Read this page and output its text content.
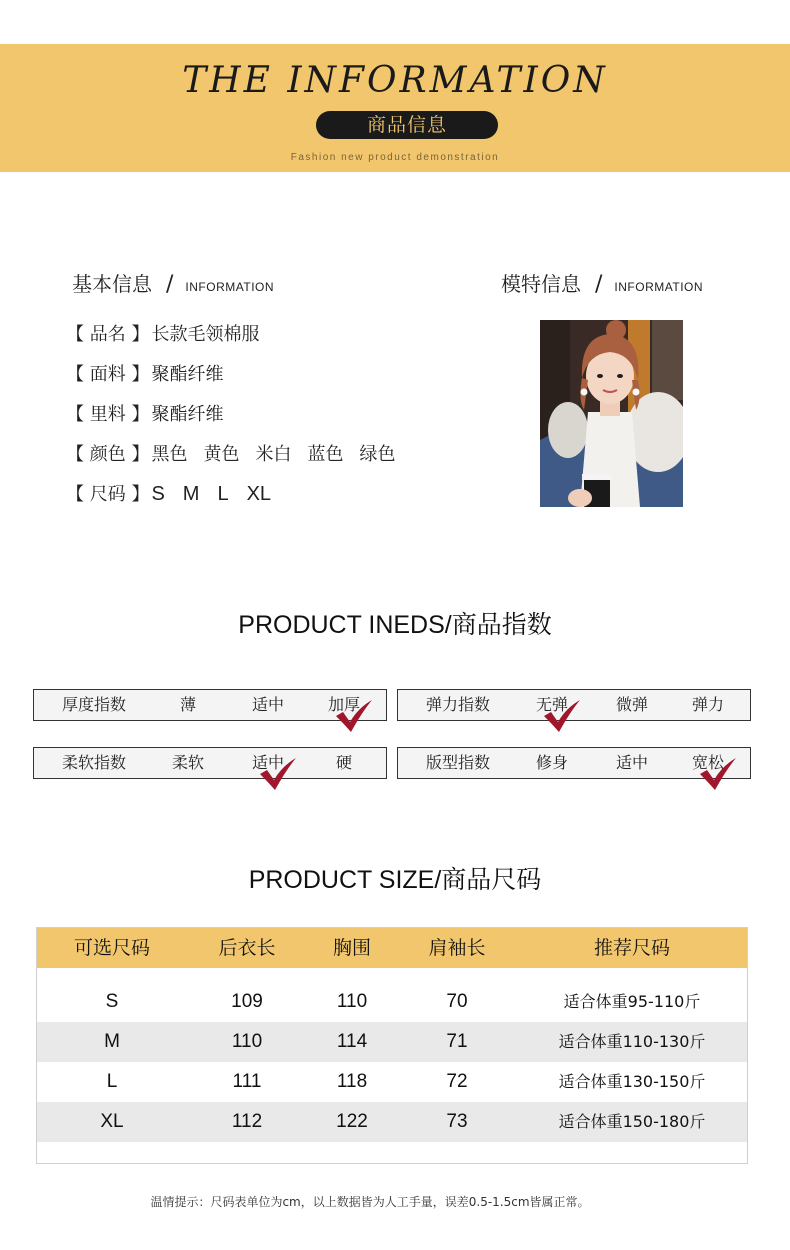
THE INFORMATION
商品信息
Fashion new product demonstration
基本信息 / INFORMATION	模特信息 / INFORMATION
【 品名 】 长款毛领棉服
【 面料 】 聚酯纤维
【 里料 】 聚酯纤维
【 颜色 】 黑色 黄色 米白 蓝色 绿色
【 尺码 】 S M L XL
PRODUCT INEDS/商品指数
厚度指数	薄	适中	加厚	弹力指数	无弹	微弹	弹力
柔软指数	柔软	适中	硬	版型指数	修身	适中	宽松
PRODUCT SIZE/商品尺码
可选尺码	后衣长	胸围	肩袖长	推荐尺码
S	109	110	70	适合体重95-110斤
M	110	114	71	适合体重110-130斤
L	111	118	72	适合体重130-150斤
XL	112	122	73	适合体重150-180斤
温情提示：尺码表单位为cm，以上数据皆为人工手量，误差0.5-1.5cm皆属正常。
